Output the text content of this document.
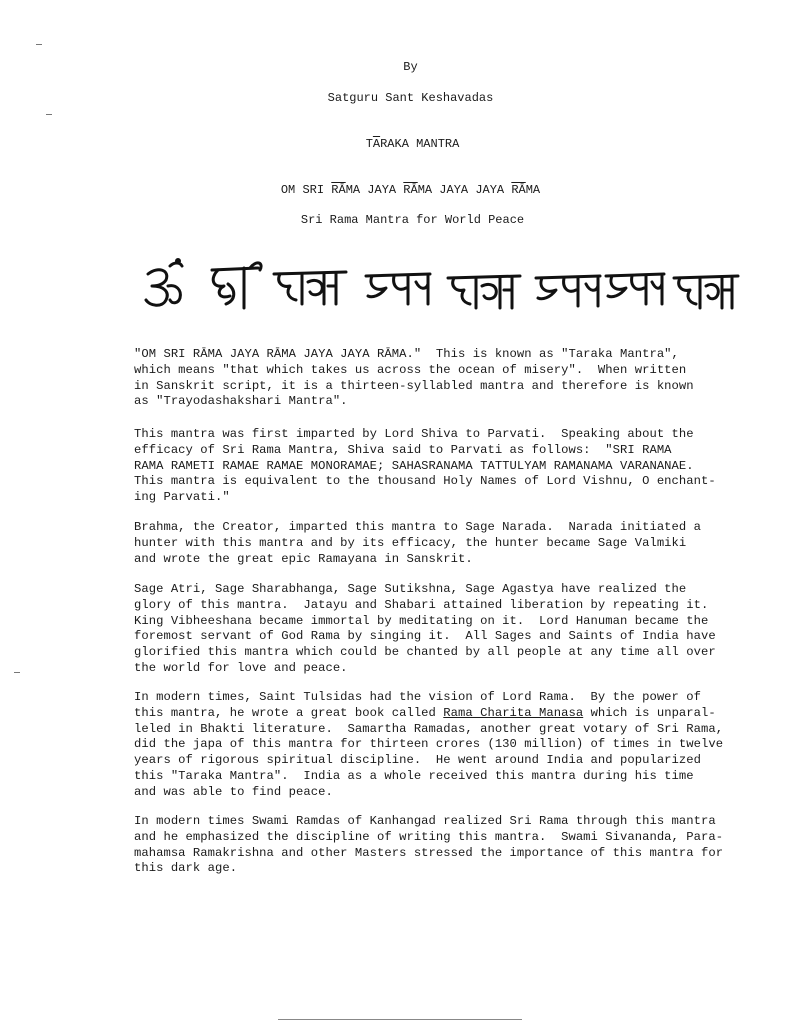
By
Satguru Sant Keshavadas
$T\overline{A}RAKA$ MANTRA
OM SRI $\overline{RĀ}MA$ JAYA $\overline{RĀ}MA$ JAYA JAYA $\overline{RĀ}MA$
Sri Rama Mantra for World Peace
"OM SRI RĀMA JAYA RĀMA JAYA JAYA RĀMA."  This is known as "Taraka Mantra",
which means "that which takes us across the ocean of misery".  When written
in Sanskrit script, it is a thirteen-syllabled mantra and therefore is known
as "Trayodashakshari Mantra".
This mantra was first imparted by Lord Shiva to Parvati.  Speaking about the
efficacy of Sri Rama Mantra, Shiva said to Parvati as follows:  "SRI RAMA
RAMA RAMETI RAMAE RAMAE MONORAMAE; SAHASRANAMA TATTULYAM RAMANAMA VARANANAE.
This mantra is equivalent to the thousand Holy Names of Lord Vishnu, O enchant-
ing Parvati."
Brahma, the Creator, imparted this mantra to Sage Narada.  Narada initiated a
hunter with this mantra and by its efficacy, the hunter became Sage Valmiki
and wrote the great epic Ramayana in Sanskrit.
Sage Atri, Sage Sharabhanga, Sage Sutikshna, Sage Agastya have realized the
glory of this mantra.  Jatayu and Shabari attained liberation by repeating it.
King Vibheeshana became immortal by meditating on it.  Lord Hanuman became the
foremost servant of God Rama by singing it.  All Sages and Saints of India have
glorified this mantra which could be chanted by all people at any time all over
the world for love and peace.
In modern times, Saint Tulsidas had the vision of Lord Rama.  By the power of
this mantra, he wrote a great book called Rama Charita Manasa which is unparal-
leled in Bhakti literature.  Samartha Ramadas, another great votary of Sri Rama,
did the japa of this mantra for thirteen crores (130 million) of times in twelve
years of rigorous spiritual discipline.  He went around India and popularized
this "Taraka Mantra".  India as a whole received this mantra during his time
and was able to find peace.
In modern times Swami Ramdas of Kanhangad realized Sri Rama through this mantra
and he emphasized the discipline of writing this mantra.  Swami Sivananda, Para-
mahamsa Ramakrishna and other Masters stressed the importance of this mantra for
this dark age.
